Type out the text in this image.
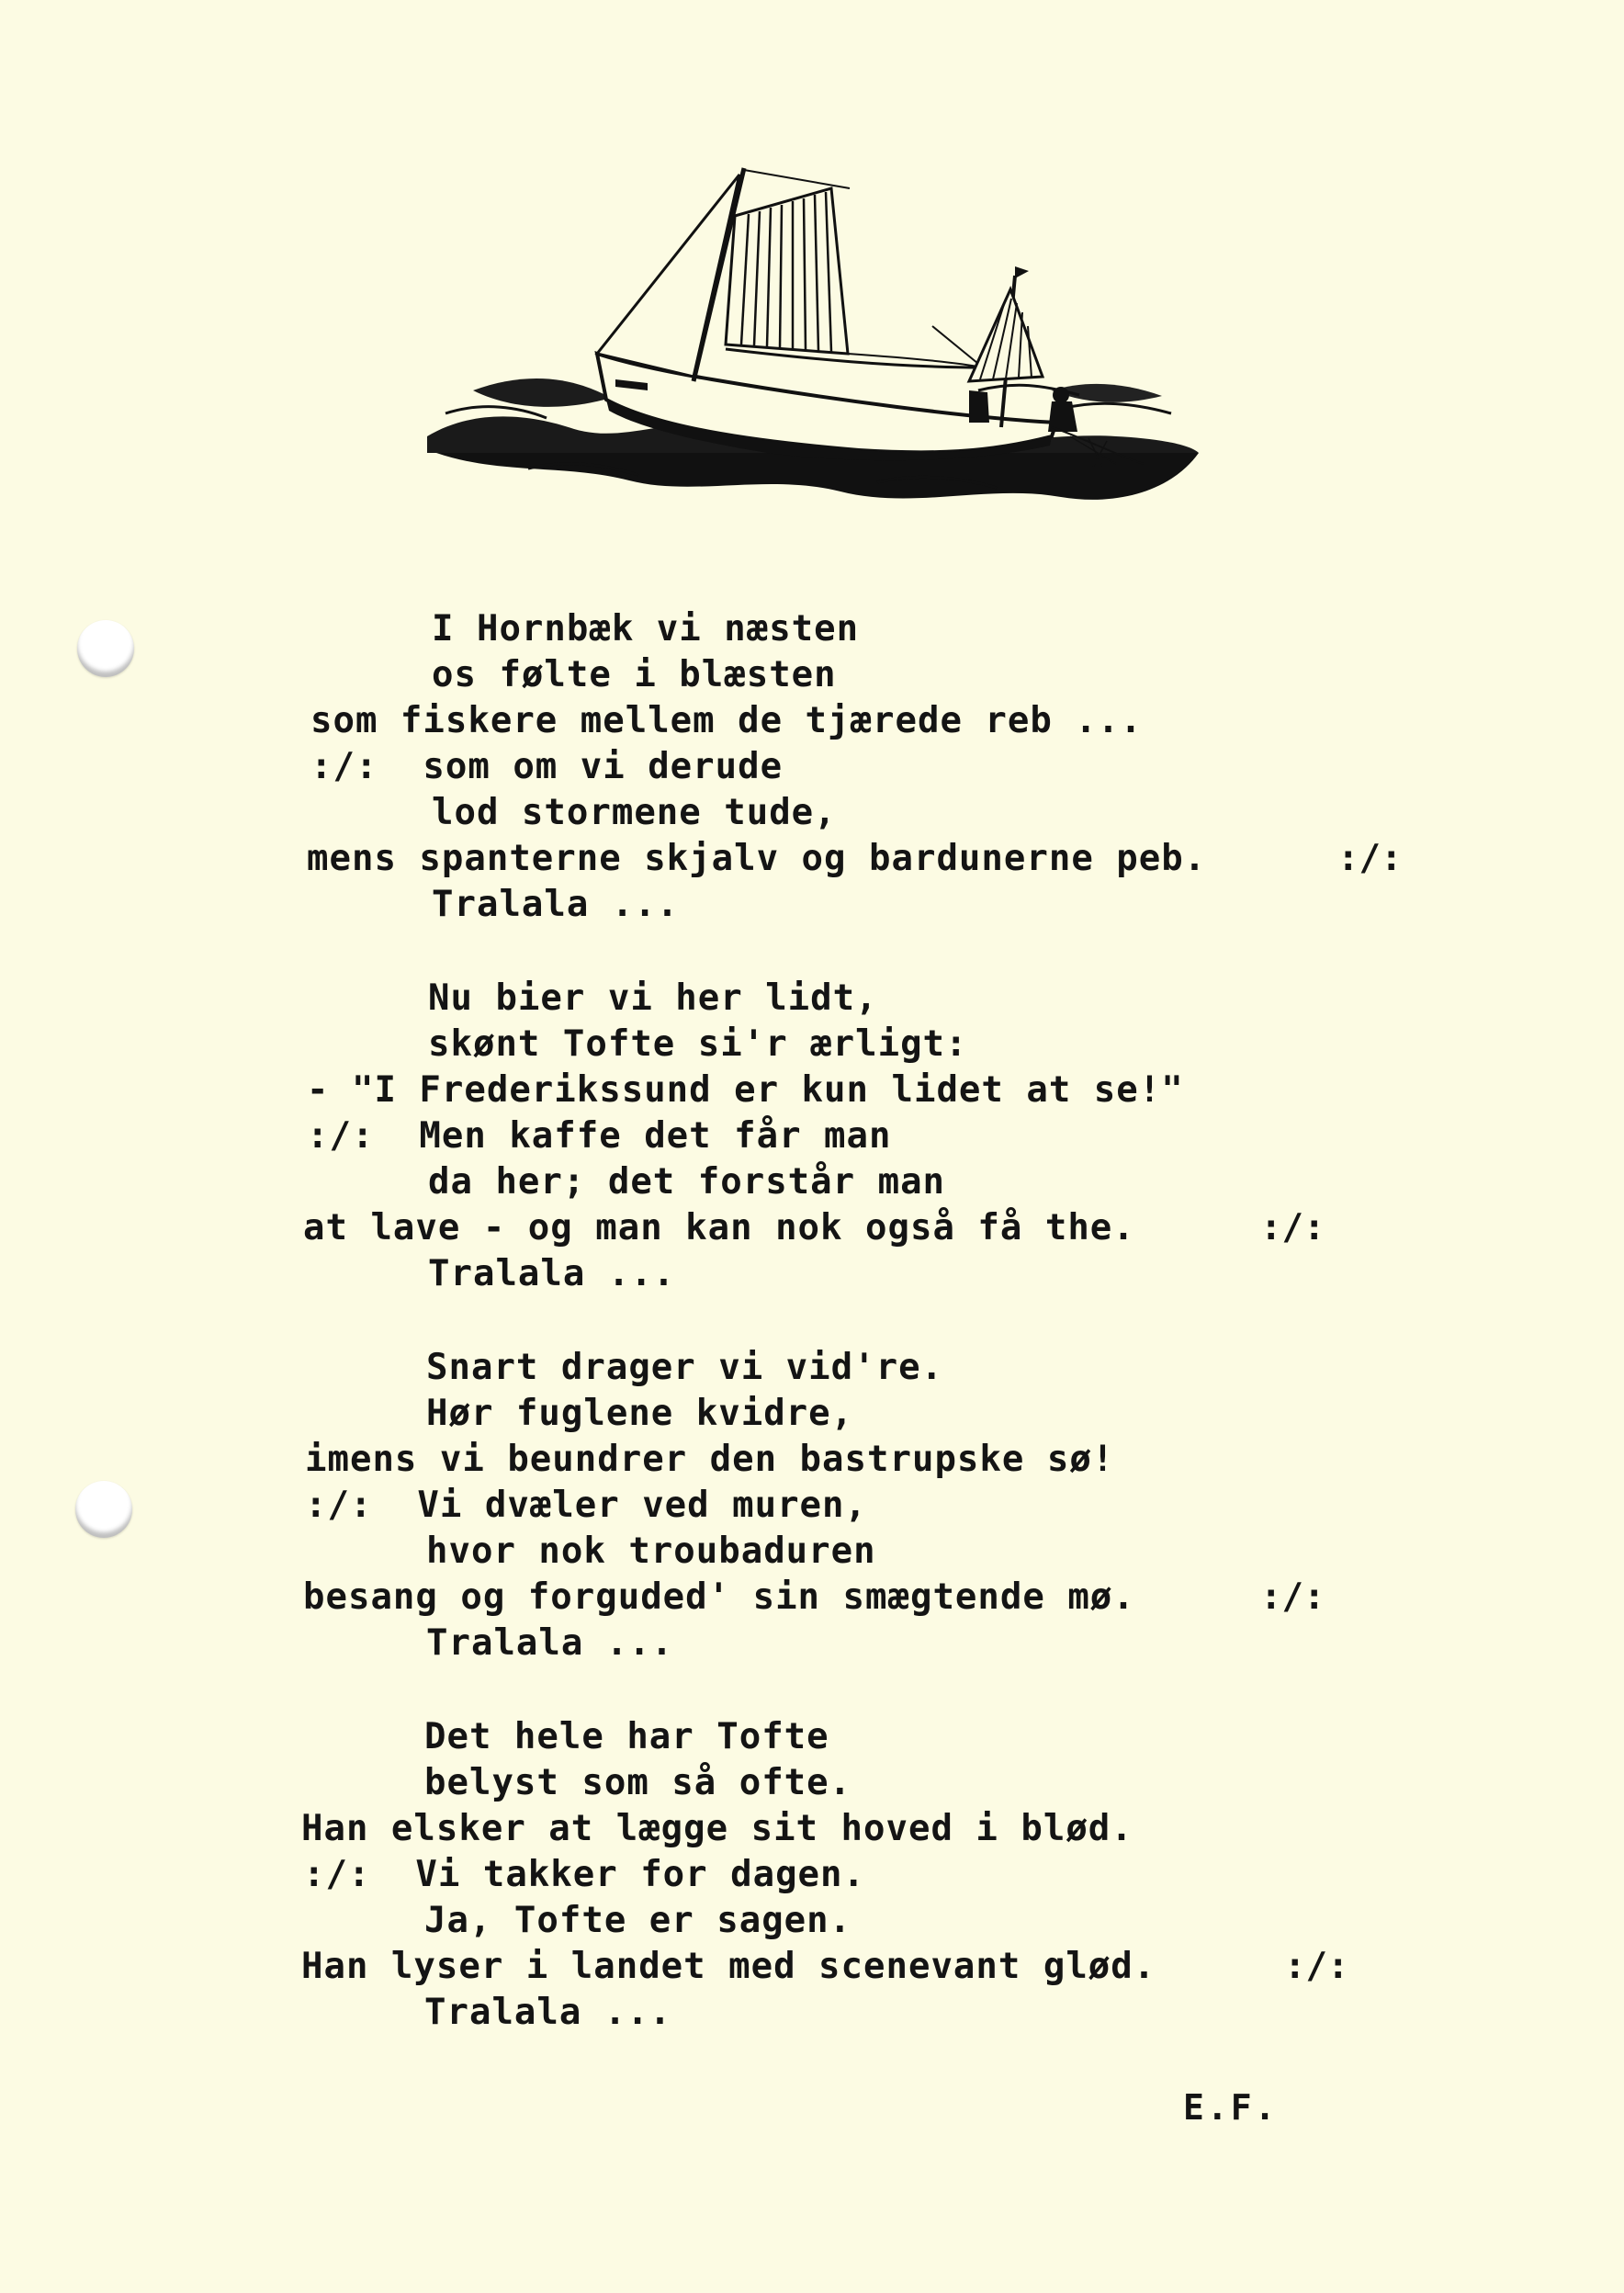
I Hornbæk vi næsten
os følte i blæsten
som fiskere mellem de tjærede reb ...
:/:  som om vi derude
lod stormene tude,
mens spanterne skjalv og bardunerne peb.	:/:
Tralala ...
Nu bier vi her lidt,
skønt Tofte si'r ærligt:
- "I Frederikssund er kun lidet at se!"
:/:  Men kaffe det får man
da her; det forstår man
at lave - og man kan nok også få the.	:/:
Tralala ...
Snart drager vi vid're.
Hør fuglene kvidre,
imens vi beundrer den bastrupske sø!
:/:  Vi dvæler ved muren,
hvor nok troubaduren
besang og forguded' sin smægtende mø.	:/:
Tralala ...
Det hele har Tofte
belyst som så ofte.
Han elsker at lægge sit hoved i blød.
:/:  Vi takker for dagen.
Ja, Tofte er sagen.
Han lyser i landet med scenevant glød.	:/:
Tralala ...
E.F.
